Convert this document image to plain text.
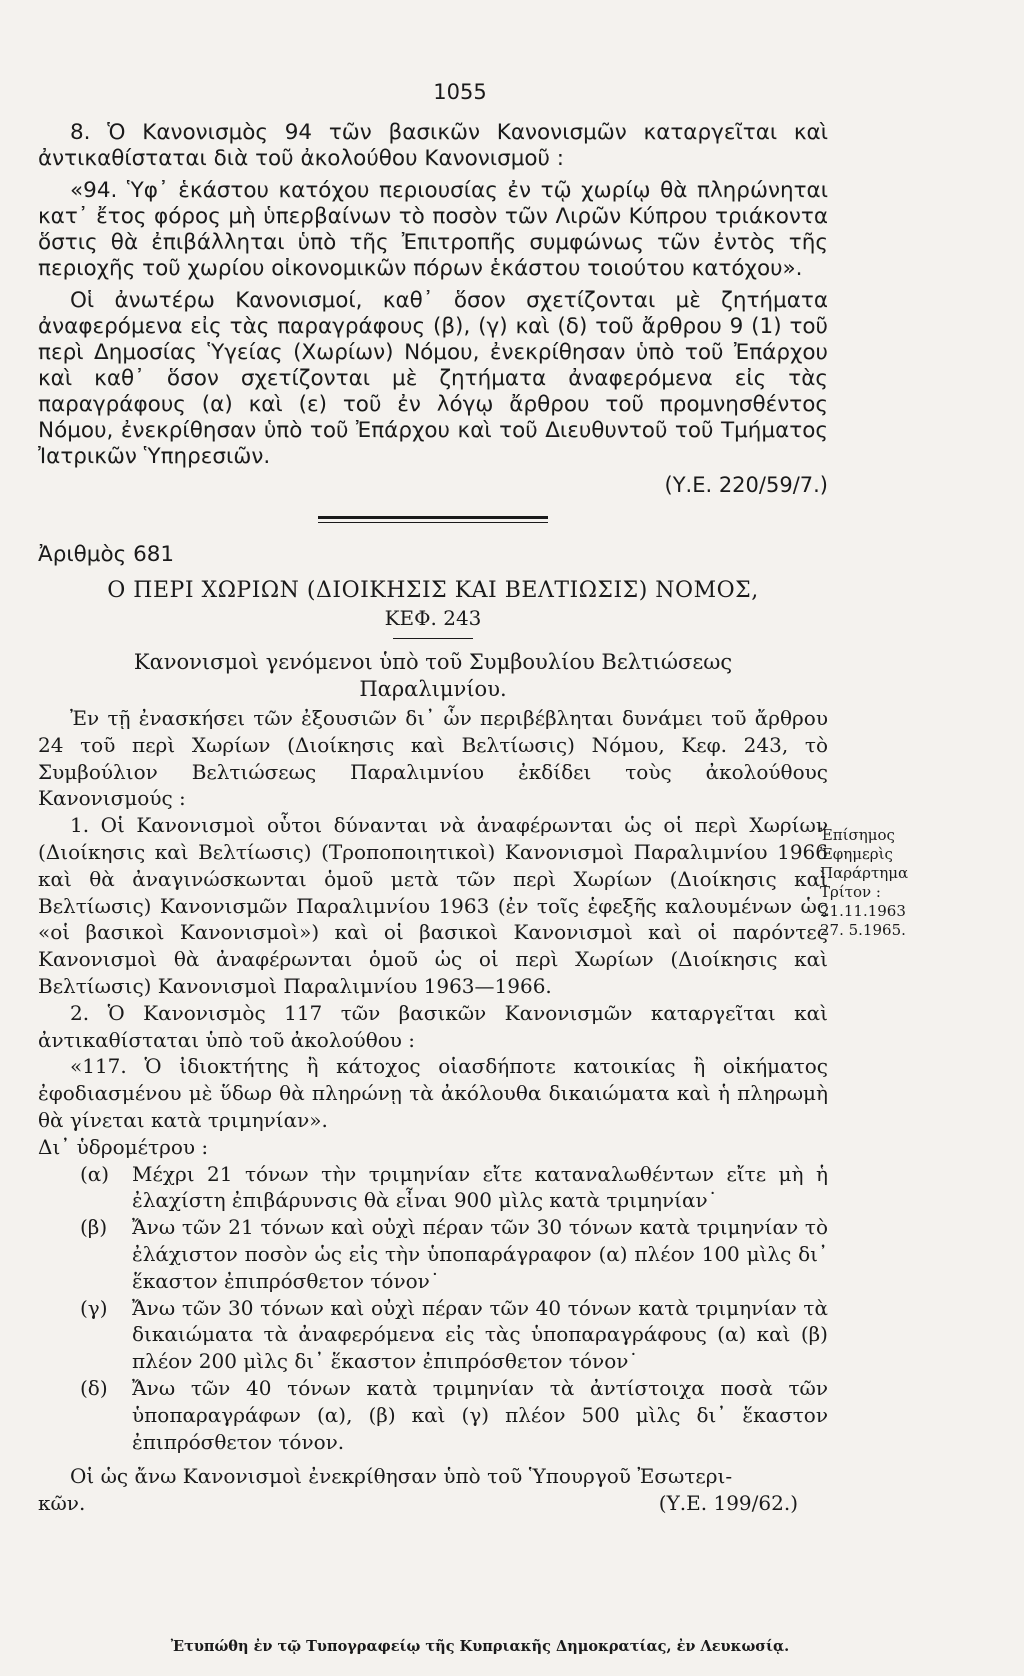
1055

8. Ὁ Κανονισμὸς 94 τῶν βασικῶν Κανονισμῶν καταργεῖται καὶ ἀντικαθίσταται διὰ τοῦ ἀκολούθου Κανονισμοῦ :

«94. Ὑφ᾽ ἑκάστου κατόχου περιουσίας ἐν τῷ χωρίῳ θὰ πληρώνηται κατ᾽ ἔτος φόρος μὴ ὑπερβαίνων τὸ ποσὸν τῶν Λιρῶν Κύπρου τριάκοντα ὅστις θὰ ἐπιβάλληται ὑπὸ τῆς Ἐπιτροπῆς συμφώνως τῶν ἐντὸς τῆς περιοχῆς τοῦ χωρίου οἰκονομικῶν πόρων ἑκάστου τοιούτου κατόχου».

Οἱ ἀνωτέρω Κανονισμοί, καθ᾽ ὅσον σχετίζονται μὲ ζητήματα ἀναφερόμενα εἰς τὰς παραγράφους (β), (γ) καὶ (δ) τοῦ ἄρθρου 9 (1) τοῦ περὶ Δημοσίας Ὑγείας (Χωρίων) Νόμου, ἐνεκρίθησαν ὑπὸ τοῦ Ἐπάρχου καὶ καθ᾽ ὅσον σχετίζονται μὲ ζητήματα ἀναφερόμενα εἰς τὰς παραγράφους (α) καὶ (ε) τοῦ ἐν λόγῳ ἄρθρου τοῦ προμνησθέντος Νόμου, ἐνεκρίθησαν ὑπὸ τοῦ Ἐπάρχου καὶ τοῦ Διευθυντοῦ τοῦ Τμήματος Ἰατρικῶν Ὑπηρεσιῶν.

(Υ.Ε. 220/59/7.)
Ἀριθμὸς 681
Ο ΠΕΡΙ ΧΩΡΙΩΝ (ΔΙΟΙΚΗΣΙΣ ΚΑΙ ΒΕΛΤΙΩΣΙΣ) ΝΟΜΟΣ,
ΚΕΦ. 243
Κανονισμοὶ γενόμενοι ὑπὸ τοῦ Συμβουλίου Βελτιώσεως
Παραλιμνίου.

Ἐν τῇ ἐνασκήσει τῶν ἐξουσιῶν δι᾽ ὧν περιβέβληται δυνάμει τοῦ ἄρθρου 24 τοῦ περὶ Χωρίων (Διοίκησις καὶ Βελτίωσις) Νόμου, Κεφ. 243, τὸ Συμβούλιον Βελτιώσεως Παραλιμνίου ἐκδίδει τοὺς ἀκολούθους Κανονισμούς :

1. Οἱ Κανονισμοὶ οὗτοι δύνανται νὰ ἀναφέρωνται ὡς οἱ περὶ Χωρίων (Διοίκησις καὶ Βελτίωσις) (Τροποποιητικοὶ) Κανονισμοὶ Παραλιμνίου 1966 καὶ θὰ ἀναγινώσκωνται ὁμοῦ μετὰ τῶν περὶ Χωρίων (Διοίκησις καὶ Βελτίωσις) Κανονισμῶν Παραλιμνίου 1963 (ἐν τοῖς ἑφεξῆς καλουμένων ὡς «οἱ βασικοὶ Κανονισμοὶ») καὶ οἱ βασικοὶ Κανονισμοὶ καὶ οἱ παρόντες Κανονισμοὶ θὰ ἀναφέρωνται ὁμοῦ ὡς οἱ περὶ Χωρίων (Διοίκησις καὶ Βελτίωσις) Κανονισμοὶ Παραλιμνίου 1963—1966.

2. Ὁ Κανονισμὸς 117 τῶν βασικῶν Κανονισμῶν καταργεῖται καὶ ἀντικαθίσταται ὑπὸ τοῦ ἀκολούθου :

«117. Ὁ ἰδιοκτήτης ἢ κάτοχος οἱασδήποτε κατοικίας ἢ οἰκήματος ἐφοδιασμένου μὲ ὕδωρ θὰ πληρώνῃ τὰ ἀκόλουθα δικαιώματα καὶ ἡ πληρωμὴ θὰ γίνεται κατὰ τριμηνίαν».

Δι᾽ ὑδρομέτρου :

(α)	Μέχρι 21 τόνων τὴν τριμηνίαν εἴτε καταναλωθέντων εἴτε μὴ ἡ ἐλαχίστη ἐπιβάρυνσις θὰ εἶναι 900 μὶλς κατὰ τριμηνίαν˙
(β)	Ἄνω τῶν 21 τόνων καὶ οὐχὶ πέραν τῶν 30 τόνων κατὰ τριμηνίαν τὸ ἐλάχιστον ποσὸν ὡς εἰς τὴν ὑποπαράγραφον (α) πλέον 100 μὶλς δι᾽ ἕκαστον ἐπιπρόσθετον τόνον˙
(γ)	Ἄνω τῶν 30 τόνων καὶ οὐχὶ πέραν τῶν 40 τόνων κατὰ τριμηνίαν τὰ δικαιώματα τὰ ἀναφερόμενα εἰς τὰς ὑποπαραγράφους (α) καὶ (β) πλέον 200 μὶλς δι᾽ ἕκαστον ἐπιπρόσθετον τόνον˙
(δ)	Ἄνω τῶν 40 τόνων κατὰ τριμηνίαν τὰ ἀντίστοιχα ποσὰ τῶν ὑποπαραγράφων (α), (β) καὶ (γ) πλέον 500 μὶλς δι᾽ ἕκαστον ἐπιπρόσθετον τόνον.

Οἱ ὡς ἄνω Κανονισμοὶ ἐνεκρίθησαν ὑπὸ τοῦ Ὑπουργοῦ Ἐσωτερι-

κῶν.	(Υ.Ε. 199/62.)
Ἐπίσημος
Ἐφημερὶς
Παράρτημα
Τρίτον :
21.11.1963
27. 5.1965.
Ἐτυπώθη ἐν τῷ Τυπογραφείῳ τῆς Κυπριακῆς Δημοκρατίας, ἐν Λευκωσίᾳ.
